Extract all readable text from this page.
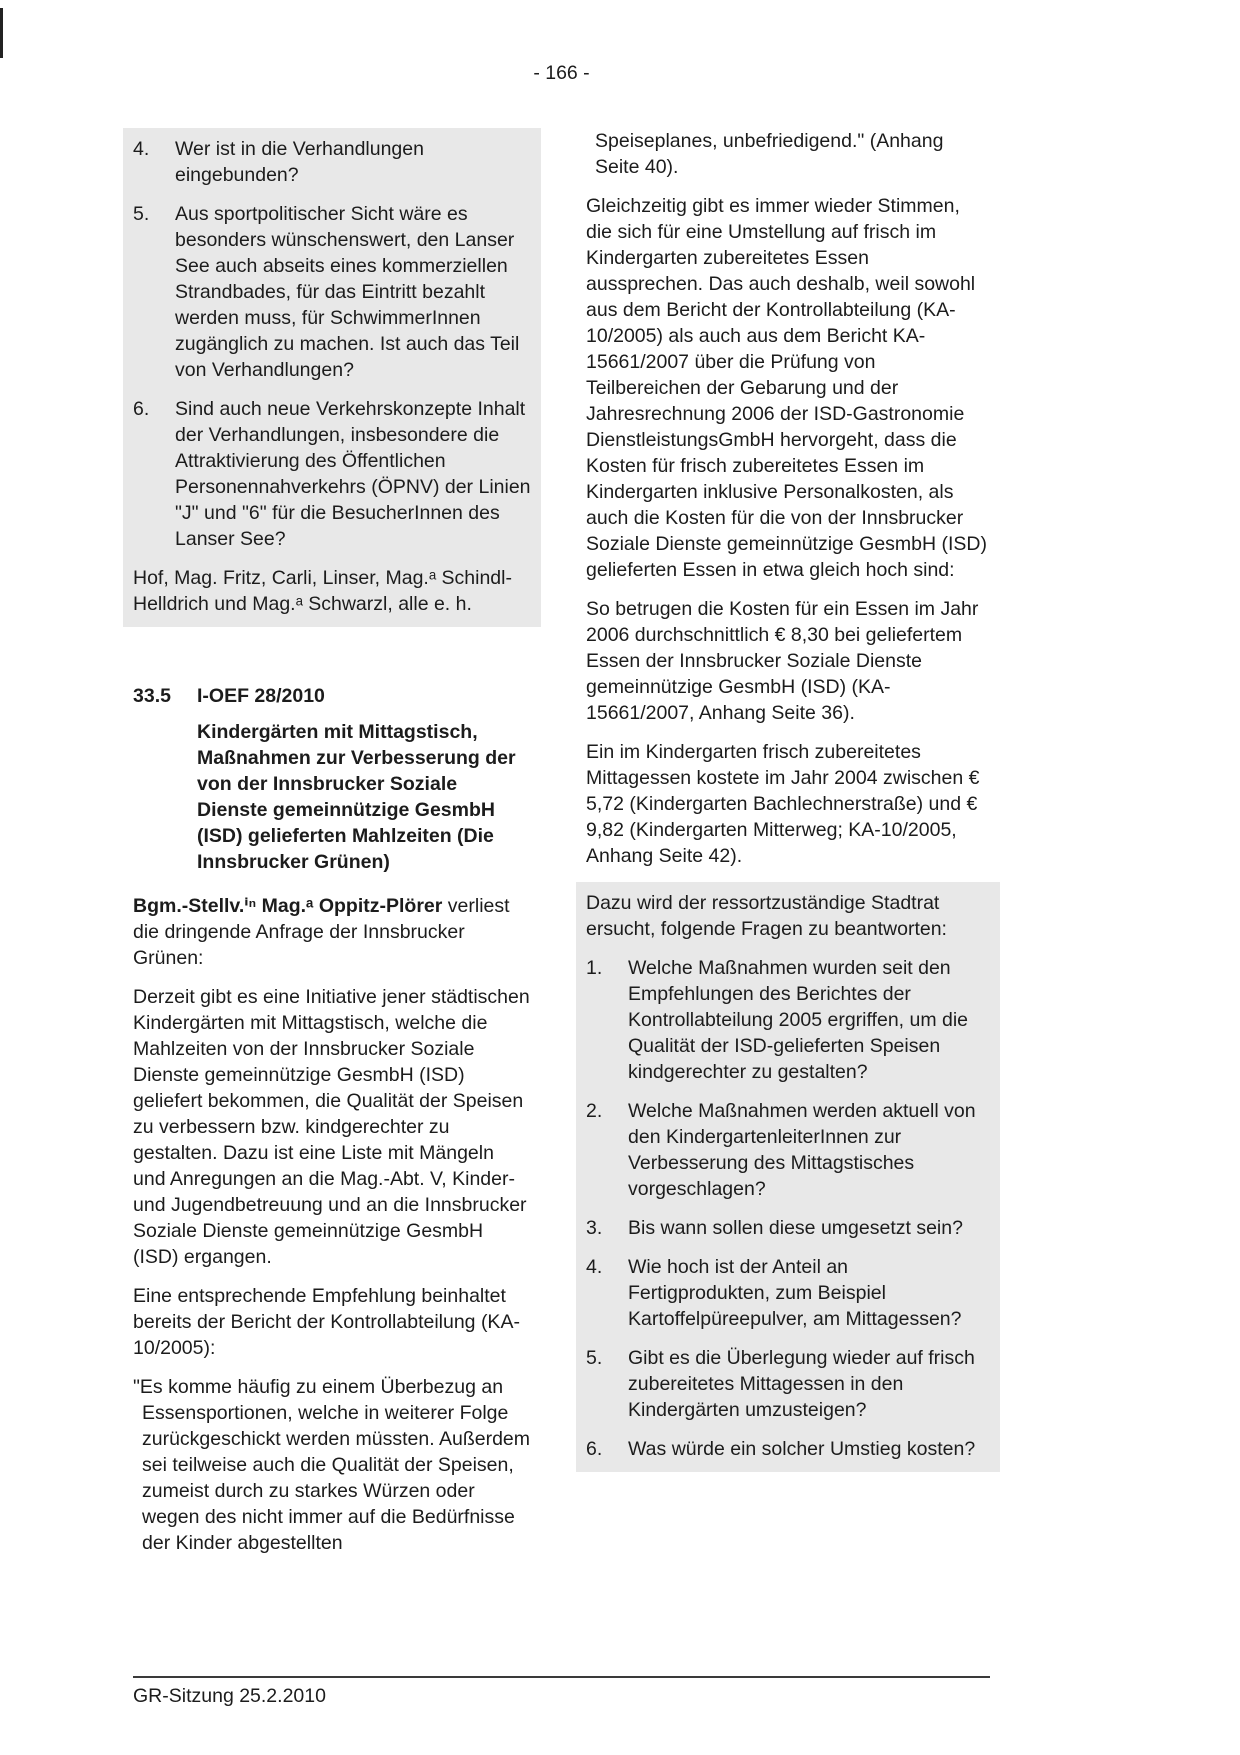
- 166 -
4.	Wer ist in die Verhandlungen eingebunden?
5.	Aus sportpolitischer Sicht wäre es besonders wünschenswert, den Lanser See auch abseits eines kommerziellen Strandbades, für das Eintritt bezahlt werden muss, für SchwimmerInnen zugänglich zu machen. Ist auch das Teil von Verhandlungen?
6.	Sind auch neue Verkehrskonzepte Inhalt der Verhandlungen, insbesondere die Attraktivierung des Öffentlichen Personennahverkehrs (ÖPNV) der Linien "J" und "6" für die BesucherInnen des Lanser See?

Hof, Mag. Fritz, Carli, Linser, Mag.ᵃ Schindl-Helldrich und Mag.ᵃ Schwarzl, alle e. h.

33.5	I-OEF 28/2010
Kindergärten mit Mittagstisch, Maßnahmen zur Verbesserung der von der Innsbrucker Soziale Dienste gemeinnützige GesmbH (ISD) gelieferten Mahlzeiten (Die Innsbrucker Grünen)

Bgm.-Stellv.ⁱⁿ Mag.ᵃ Oppitz-Plörer verliest die dringende Anfrage der Innsbrucker Grünen:

Derzeit gibt es eine Initiative jener städtischen Kindergärten mit Mittagstisch, welche die Mahlzeiten von der Innsbrucker Soziale Dienste gemeinnützige GesmbH (ISD) geliefert bekommen, die Qualität der Speisen zu verbessern bzw. kindgerechter zu gestalten. Dazu ist eine Liste mit Mängeln und Anregungen an die Mag.-Abt. V, Kinder- und Jugendbetreuung und an die Innsbrucker Soziale Dienste gemeinnützige GesmbH (ISD) ergangen.

Eine entsprechende Empfehlung beinhaltet bereits der Bericht der Kontrollabteilung (KA-10/2005):

"Es komme häufig zu einem Überbezug an Essensportionen, welche in weiterer Folge zurückgeschickt werden müssten. Außerdem sei teilweise auch die Qualität der Speisen, zumeist durch zu starkes Würzen oder wegen des nicht immer auf die Bedürfnisse der Kinder abgestellten

Speiseplanes, unbefriedigend." (Anhang Seite 40).

Gleichzeitig gibt es immer wieder Stimmen, die sich für eine Umstellung auf frisch im Kindergarten zubereitetes Essen aussprechen. Das auch deshalb, weil sowohl aus dem Bericht der Kontrollabteilung (KA-10/2005) als auch aus dem Bericht KA-15661/2007 über die Prüfung von Teilbereichen der Gebarung und der Jahresrechnung 2006 der ISD-Gastronomie DienstleistungsGmbH hervorgeht, dass die Kosten für frisch zubereitetes Essen im Kindergarten inklusive Personalkosten, als auch die Kosten für die von der Innsbrucker Soziale Dienste gemeinnützige GesmbH (ISD) gelieferten Essen in etwa gleich hoch sind:

So betrugen die Kosten für ein Essen im Jahr 2006 durchschnittlich € 8,30 bei geliefertem Essen der Innsbrucker Soziale Dienste gemeinnützige GesmbH (ISD) (KA-15661/2007, Anhang Seite 36).

Ein im Kindergarten frisch zubereitetes Mittagessen kostete im Jahr 2004 zwischen € 5,72 (Kindergarten Bachlechnerstraße) und € 9,82 (Kindergarten Mitterweg; KA-10/2005, Anhang Seite 42).

Dazu wird der ressortzuständige Stadtrat ersucht, folgende Fragen zu beantworten:

1.	Welche Maßnahmen wurden seit den Empfehlungen des Berichtes der Kontrollabteilung 2005 ergriffen, um die Qualität der ISD-gelieferten Speisen kindgerechter zu gestalten?
2.	Welche Maßnahmen werden aktuell von den KindergartenleiterInnen zur Verbesserung des Mittagstisches vorgeschlagen?
3.	Bis wann sollen diese umgesetzt sein?
4.	Wie hoch ist der Anteil an Fertigprodukten, zum Beispiel Kartoffelpüreepulver, am Mittagessen?
5.	Gibt es die Überlegung wieder auf frisch zubereitetes Mittagessen in den Kindergärten umzusteigen?
6.	Was würde ein solcher Umstieg kosten?
GR-Sitzung 25.2.2010
